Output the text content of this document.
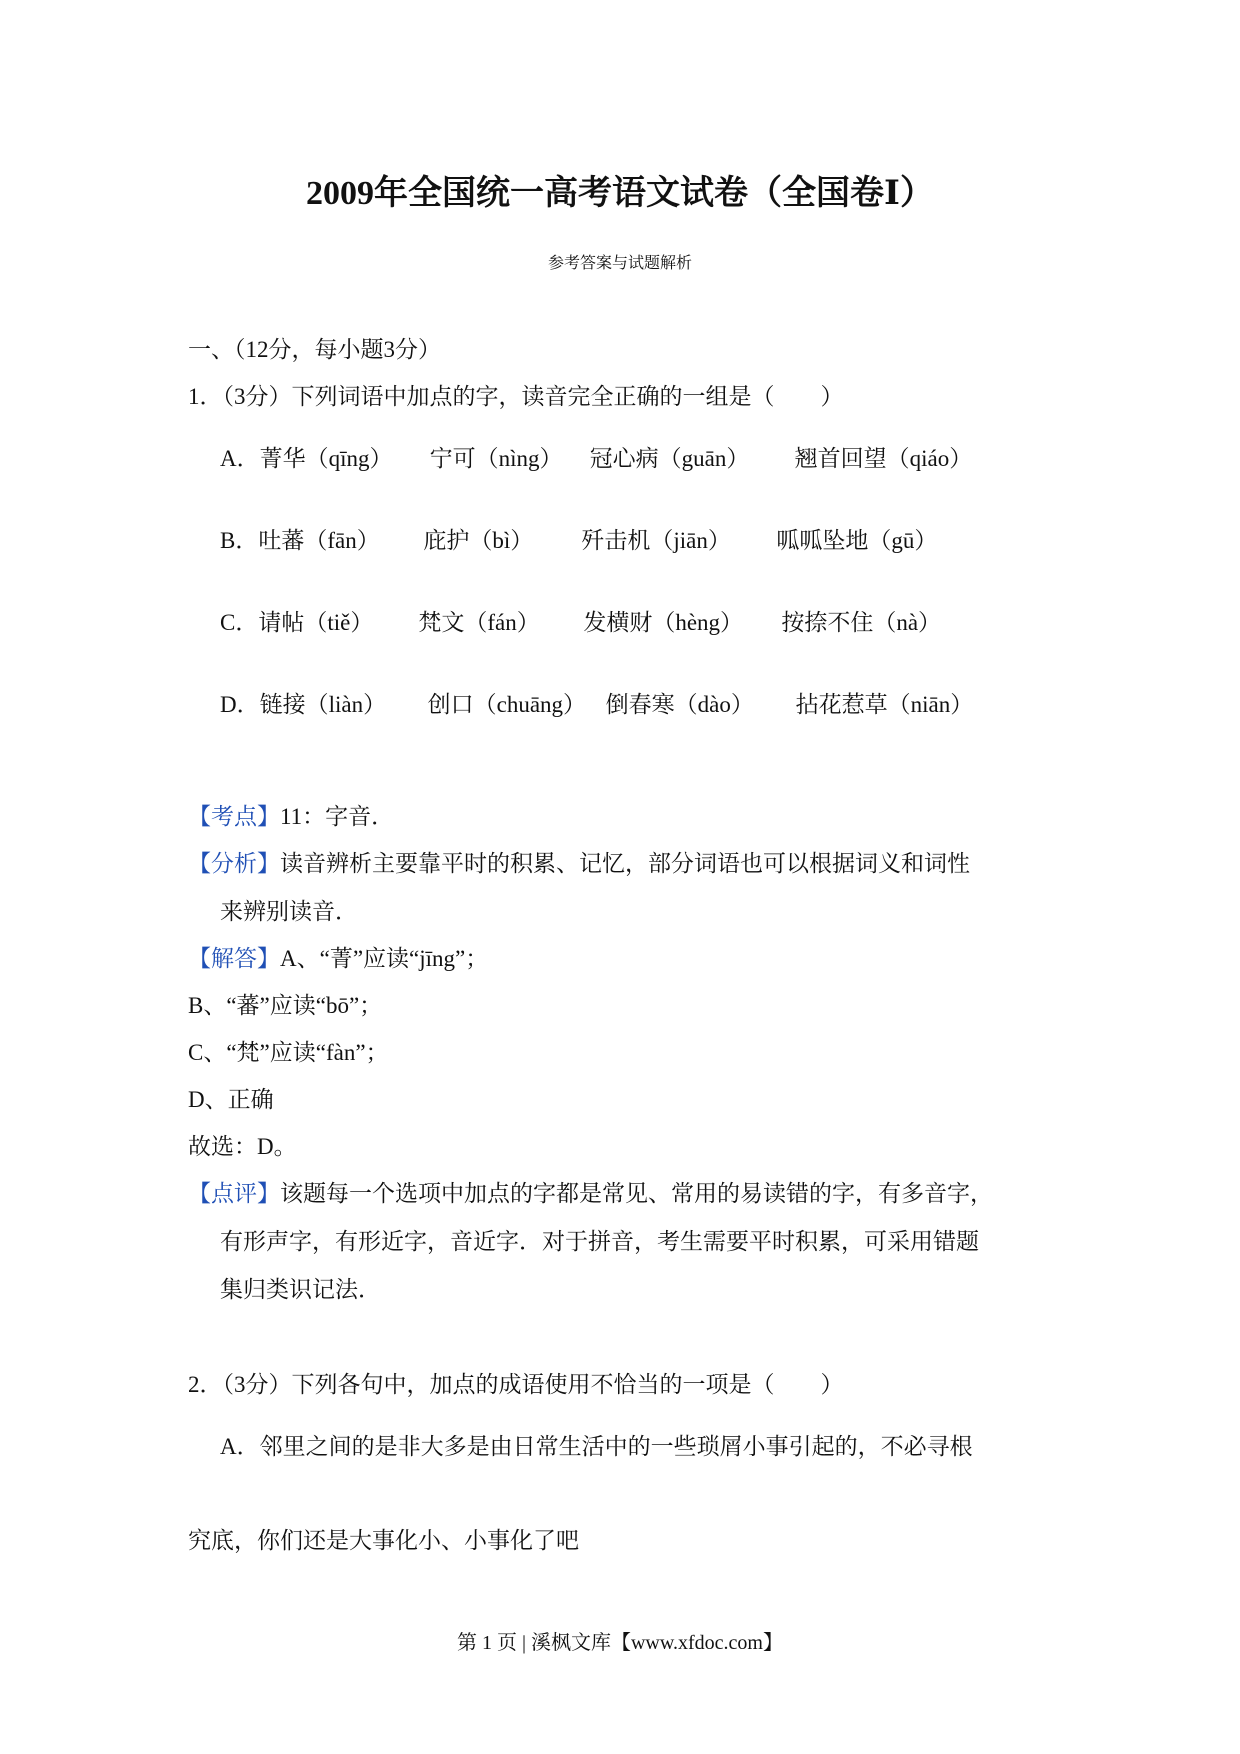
2009年全国统一高考语文试卷（全国卷Ⅰ）
参考答案与试题解析
一、（12分，每小题3分）
1．（3分）下列词语中加点的字，读音完全正确的一组是（　　）
A．菁华（qīng） 宁可（nìng） 冠心病（guān） 翘首回望（qiáo）
B．吐蕃（fān） 庇护（bì） 歼击机（jiān） 呱呱坠地（gū）
C．请帖（tiě） 梵文（fán） 发横财（hèng） 按捺不住（nà）
D．链接（liàn） 创口（chuāng） 倒春寒（dào） 拈花惹草（niān）
【考点】11：字音．
【分析】读音辨析主要靠平时的积累、记忆，部分词语也可以根据词义和词性
来辨别读音．
【解答】A、“菁”应读“jīng”；
B、“蕃”应读“bō”；
C、“梵”应读“fàn”；
D、正确
故选：D。
【点评】该题每一个选项中加点的字都是常见、常用的易读错的字，有多音字，
有形声字，有形近字，音近字．对于拼音，考生需要平时积累，可采用错题
集归类识记法．
2．（3分）下列各句中，加点的成语使用不恰当的一项是（　　）
A．邻里之间的是非大多是由日常生活中的一些琐屑小事引起的，不必寻根
究底，你们还是大事化小、小事化了吧
第 1 页 | 溪枫文库【www.xfdoc.com】
